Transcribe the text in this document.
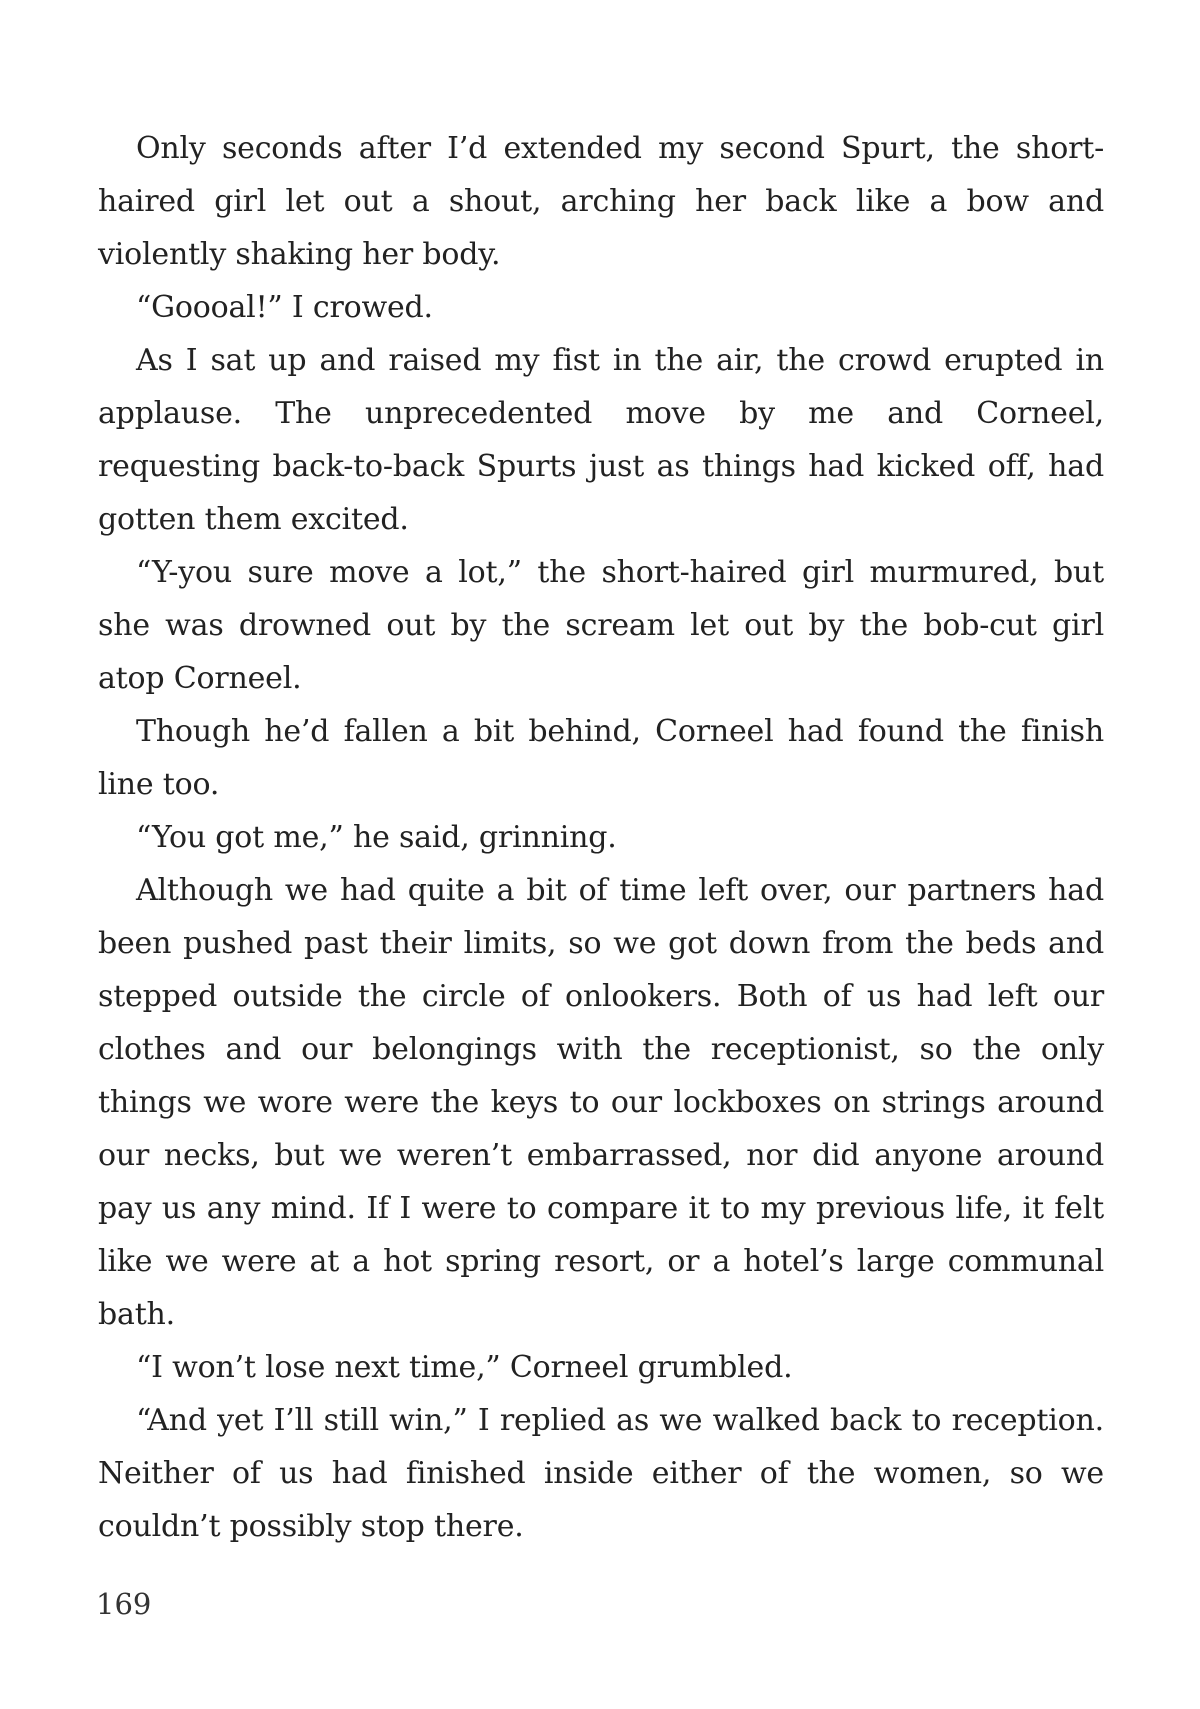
Only seconds after I’d extended my second Spurt, the short-haired girl let out a shout, arching her back like a bow and violently shaking her body.

“Goooal!” I crowed.

As I sat up and raised my fist in the air, the crowd erupted in applause. The unprecedented move by me and Corneel, requesting back-to-back Spurts just as things had kicked off, had gotten them excited.

“Y-you sure move a lot,” the short-haired girl murmured, but she was drowned out by the scream let out by the bob-cut girl atop Corneel.

Though he’d fallen a bit behind, Corneel had found the finish line too.

“You got me,” he said, grinning.

Although we had quite a bit of time left over, our partners had been pushed past their limits, so we got down from the beds and stepped outside the circle of onlookers. Both of us had left our clothes and our belongings with the receptionist, so the only things we wore were the keys to our lockboxes on strings around our necks, but we weren’t embarrassed, nor did anyone around pay us any mind. If I were to compare it to my previous life, it felt like we were at a hot spring resort, or a hotel’s large communal bath.

“I won’t lose next time,” Corneel grumbled.

“And yet I’ll still win,” I replied as we walked back to reception. Neither of us had finished inside either of the women, so we couldn’t possibly stop there.

169
